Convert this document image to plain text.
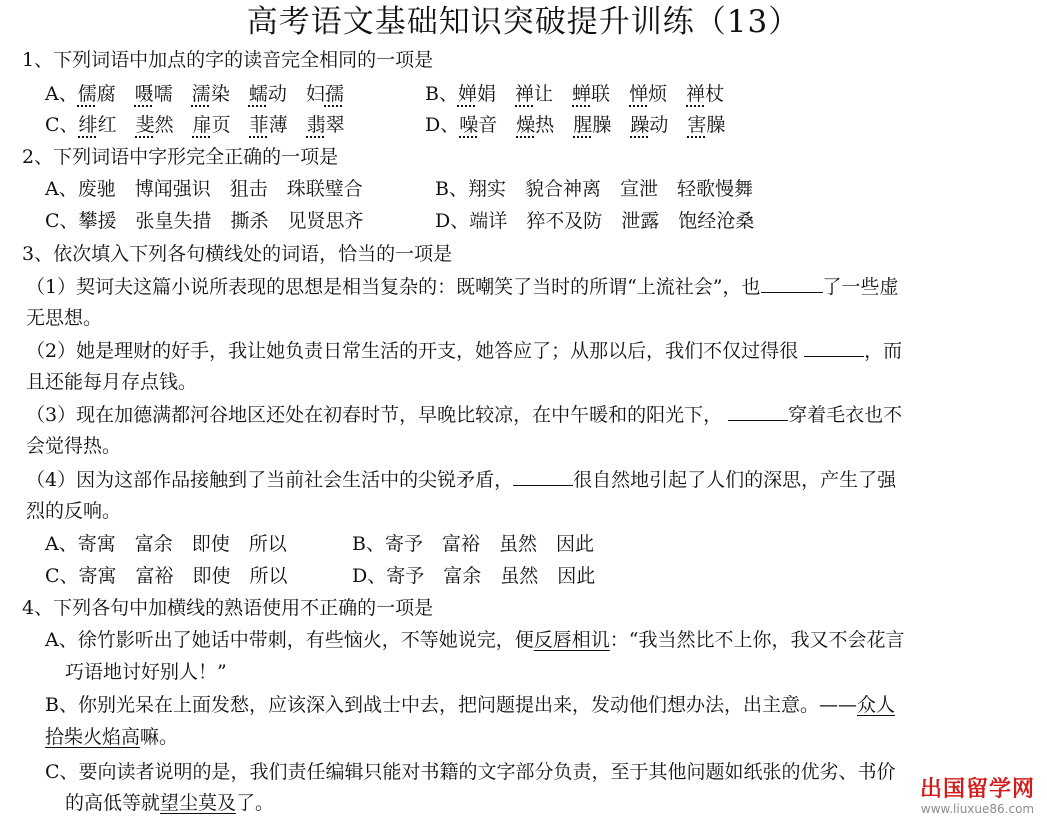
高考语文基础知识突破提升训练（13）
1、下列词语中加点的字的读音完全相同的一项是
A、儒腐　嗫嚅　濡染　蠕动　妇孺	B、婵娟　禅让　蝉联　惮烦　禅杖
C、绯红　斐然　扉页　菲薄　翡翠	D、噪音　燥热　腥臊　躁动　害臊
2、下列词语中字形完全正确的一项是
A、废驰　博闻强识　狙击　珠联璧合	B、翔实　貌合神离　宣泄　轻歌慢舞
C、攀援　张皇失措　撕杀　见贤思齐	D、端详　猝不及防　泄露　饱经沧桑
3、依次填入下列各句横线处的词语，恰当的一项是
（1）契诃夫这篇小说所表现的思想是相当复杂的：既嘲笑了当时的所谓“上流社会”，也	了一些虚
无思想。
（2）她是理财的好手，我让她负责日常生活的开支，她答应了；从那以后，我们不仅过得很	，而
且还能每月存点钱。
（3）现在加德满都河谷地区还处在初春时节，早晚比较凉，在中午暖和的阳光下，	穿着毛衣也不
会觉得热。
（4）因为这部作品接触到了当前社会生活中的尖锐矛盾，	很自然地引起了人们的深思，产生了强
烈的反响。
A、寄寓　富余　即使　所以	B、寄予　富裕　虽然　因此
C、寄寓　富裕　即使　所以	D、寄予　富余　虽然　因此
4、下列各句中加横线的熟语使用不正确的一项是
A、徐竹影听出了她话中带刺，有些恼火，不等她说完，便反唇相讥：“我当然比不上你，我又不会花言
巧语地讨好别人！”
B、你别光呆在上面发愁，应该深入到战士中去，把问题提出来，发动他们想办法，出主意。——众人
拾柴火焰高嘛。
C、要向读者说明的是，我们责任编辑只能对书籍的文字部分负责，至于其他问题如纸张的优劣、书价
的高低等就望尘莫及了。
出国留学网
www.liuxue86.com
